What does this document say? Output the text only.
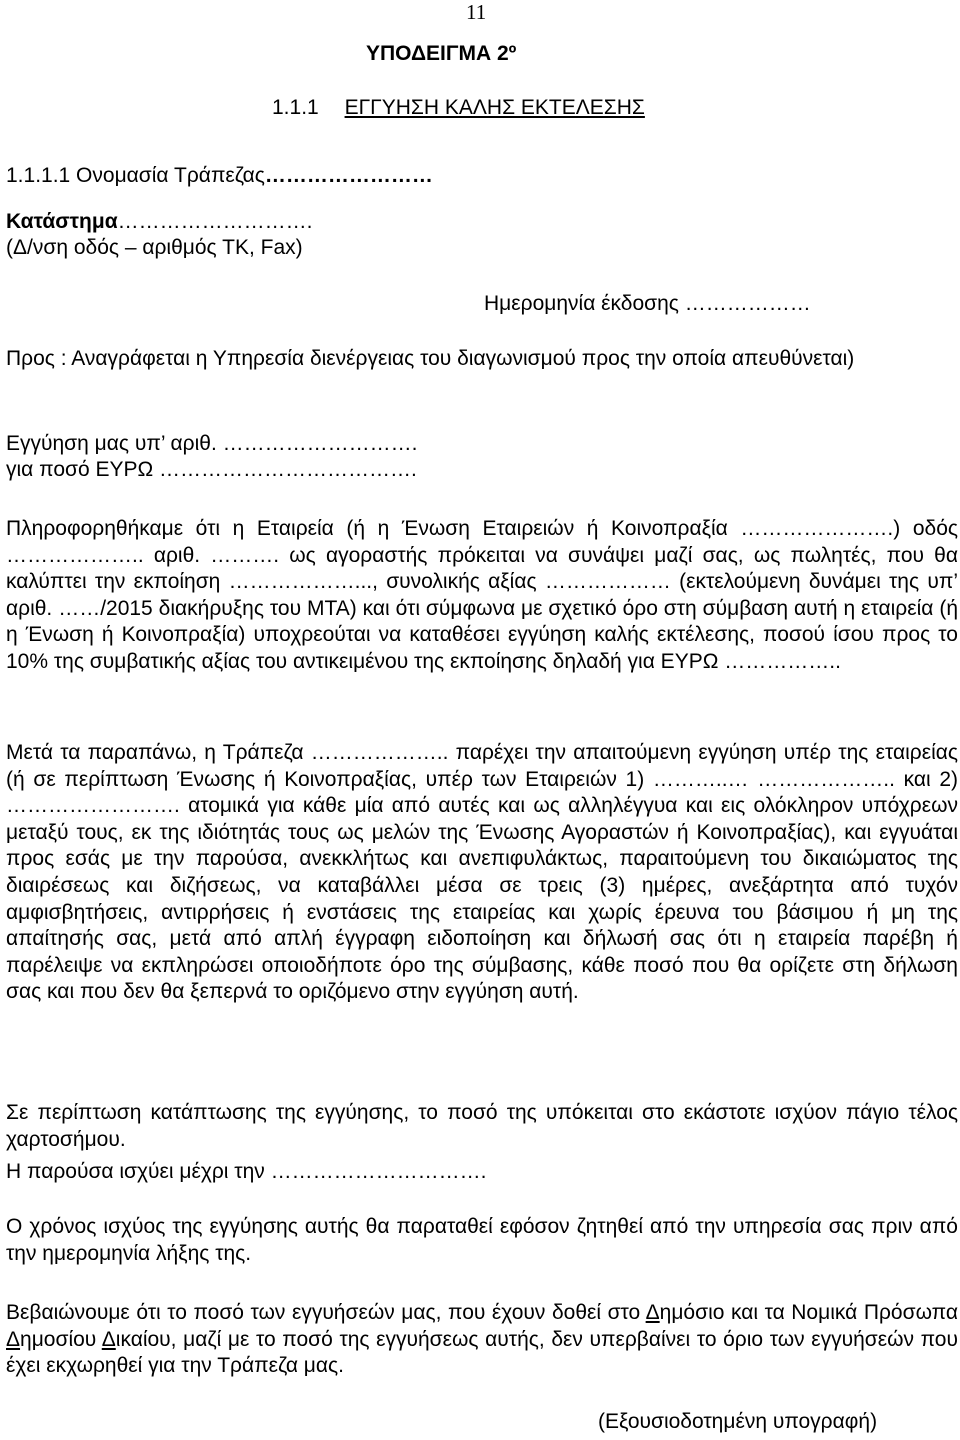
11
ΥΠΟΔΕΙΓΜΑ 2º
1.1.1 ΕΓΓΥΗΣΗ ΚΑΛΗΣ ΕΚΤΕΛΕΣΗΣ
1.1.1.1 Ονομασία Τράπεζας……………………
Κατάστημα……………………….
(Δ/νση οδός – αριθμός ΤΚ, Fax)
Ημερομηνία έκδοσης ………………

Προς : Αναγράφεται η Υπηρεσία διενέργειας του διαγωνισμού προς την οποία απευθύνεται)

Εγγύηση μας υπ’ αριθ. ……………………….
για ποσό ΕΥΡΩ ……………………………….

Πληροφορηθήκαμε ότι η Εταιρεία (ή η Ένωση Εταιρειών ή Κοινοπραξία ………………….) οδός ……………….. αριθ. ………. ως αγοραστής πρόκειται να συνάψει μαζί σας, ως πωλητές, που θα καλύπτει την εκποίηση ………………..., συνολικής αξίας ……………… (εκτελούμενη δυνάμει της υπ’ αριθ. ……/2015 διακήρυξης του ΜΤΑ) και ότι σύμφωνα με σχετικό όρο στη σύμβαση αυτή η εταιρεία (ή η Ένωση ή Κοινοπραξία) υποχρεούται να καταθέσει εγγύηση καλής εκτέλεσης, ποσού ίσου προς το 10% της συμβατικής αξίας του αντικειμένου της εκποίησης δηλαδή για ΕΥΡΩ ……………..

Μετά τα παραπάνω, η Τράπεζα ……………….. παρέχει την απαιτούμενη εγγύηση υπέρ της εταιρείας (ή σε περίπτωση Ένωσης ή Κοινοπραξίας, υπέρ των Εταιρειών 1) ………..… ……………….. και 2) ……………………. ατομικά για κάθε μία από αυτές και ως αλληλέγγυα και εις ολόκληρον υπόχρεων μεταξύ τους, εκ της ιδιότητάς τους ως μελών της Ένωσης Αγοραστών ή Κοινοπραξίας), και εγγυάται προς εσάς με την παρούσα, ανεκκλήτως και ανεπιφυλάκτως, παραιτούμενη του δικαιώματος της διαιρέσεως και διζήσεως, να καταβάλλει μέσα σε τρεις (3) ημέρες, ανεξάρτητα από τυχόν αμφισβητήσεις, αντιρρήσεις ή ενστάσεις της εταιρείας και χωρίς έρευνα του βάσιμου ή μη της απαίτησής σας, μετά από απλή έγγραφη ειδοποίηση και δήλωσή σας ότι η εταιρεία παρέβη ή παρέλειψε να εκπληρώσει οποιοδήποτε όρο της σύμβασης, κάθε ποσό που θα ορίζετε στη δήλωση σας και που δεν θα ξεπερνά το οριζόμενο στην εγγύηση αυτή.

Σε περίπτωση κατάπτωσης της εγγύησης, το ποσό της υπόκειται στο εκάστοτε ισχύον πάγιο τέλος χαρτοσήμου.

Η παρούσα ισχύει μέχρι την ………………………….

Ο χρόνος ισχύος της εγγύησης αυτής θα παραταθεί εφόσον ζητηθεί από την υπηρεσία σας πριν από την ημερομηνία λήξης της.

Βεβαιώνουμε ότι το ποσό των εγγυήσεών μας, που έχουν δοθεί στο Δημόσιο και τα Νομικά Πρόσωπα Δημοσίου Δικαίου, μαζί με το ποσό της εγγυήσεως αυτής, δεν υπερβαίνει το όριο των εγγυήσεών που έχει εκχωρηθεί για την Τράπεζα μας.

(Εξουσιοδοτημένη υπογραφή)
